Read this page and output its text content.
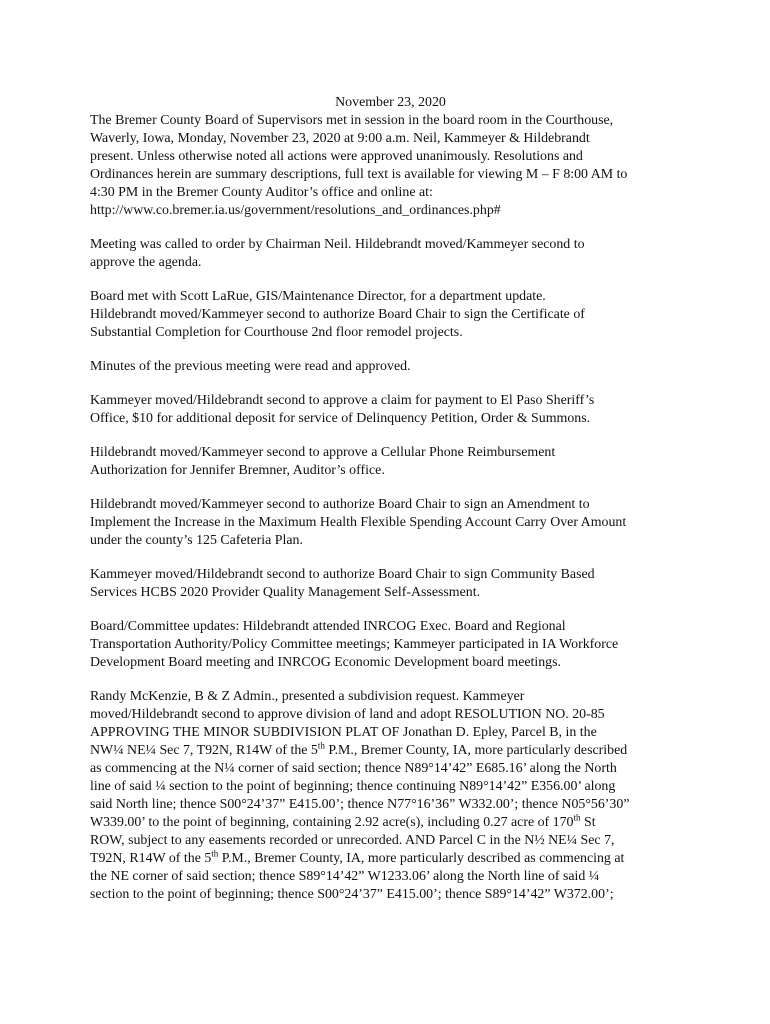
November 23, 2020

The Bremer County Board of Supervisors met in session in the board room in the Courthouse,
Waverly, Iowa, Monday, November 23, 2020 at 9:00 a.m. Neil, Kammeyer & Hildebrandt
present. Unless otherwise noted all actions were approved unanimously. Resolutions and
Ordinances herein are summary descriptions, full text is available for viewing M – F 8:00 AM to
4:30 PM in the Bremer County Auditor’s office and online at:
http://www.co.bremer.ia.us/government/resolutions_and_ordinances.php#

Meeting was called to order by Chairman Neil. Hildebrandt moved/Kammeyer second to
approve the agenda.

Board met with Scott LaRue, GIS/Maintenance Director, for a department update.
Hildebrandt moved/Kammeyer second to authorize Board Chair to sign the Certificate of
Substantial Completion for Courthouse 2nd floor remodel projects.

Minutes of the previous meeting were read and approved.

Kammeyer moved/Hildebrandt second to approve a claim for payment to El Paso Sheriff’s
Office, $10 for additional deposit for service of Delinquency Petition, Order & Summons.

Hildebrandt moved/Kammeyer second to approve a Cellular Phone Reimbursement
Authorization for Jennifer Bremner, Auditor’s office.

Hildebrandt moved/Kammeyer second to authorize Board Chair to sign an Amendment to
Implement the Increase in the Maximum Health Flexible Spending Account Carry Over Amount
under the county’s 125 Cafeteria Plan.

Kammeyer moved/Hildebrandt second to authorize Board Chair to sign Community Based
Services HCBS 2020 Provider Quality Management Self-Assessment.

Board/Committee updates: Hildebrandt attended INRCOG Exec. Board and Regional
Transportation Authority/Policy Committee meetings; Kammeyer participated in IA Workforce
Development Board meeting and INRCOG Economic Development board meetings.

Randy McKenzie, B & Z Admin., presented a subdivision request. Kammeyer
moved/Hildebrandt second to approve division of land and adopt RESOLUTION NO. 20-85
APPROVING THE MINOR SUBDIVISION PLAT OF Jonathan D. Epley, Parcel B, in the
NW¼ NE¼ Sec 7, T92N, R14W of the 5th P.M., Bremer County, IA, more particularly described
as commencing at the N¼ corner of said section; thence N89°14’42” E685.16’ along the North
line of said ¼ section to the point of beginning; thence continuing N89°14’42” E356.00’ along
said North line; thence S00°24’37” E415.00’; thence N77°16’36” W332.00’; thence N05°56’30”
W339.00’ to the point of beginning, containing 2.92 acre(s), including 0.27 acre of 170th St
ROW, subject to any easements recorded or unrecorded. AND Parcel C in the N½ NE¼ Sec 7,
T92N, R14W of the 5th P.M., Bremer County, IA, more particularly described as commencing at
the NE corner of said section; thence S89°14’42” W1233.06’ along the North line of said ¼
section to the point of beginning; thence S00°24’37” E415.00’; thence S89°14’42” W372.00’;
